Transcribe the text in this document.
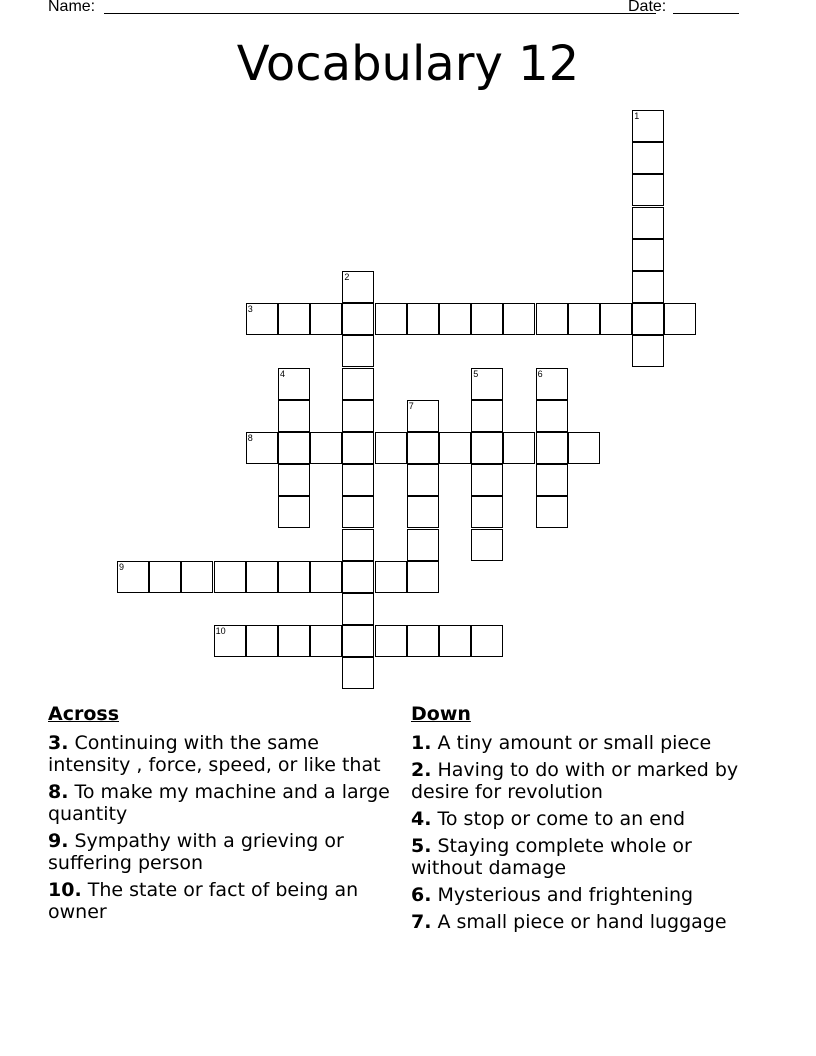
Name:	Date:
Vocabulary 12
1
2
3
4	5	6
7
8
9
10
Across
3. Continuing with the same intensity , force, speed, or like that
8. To make my machine and a large quantity
9. Sympathy with a grieving or suffering person
10. The state or fact of being an owner
Down
1. A tiny amount or small piece
2. Having to do with or marked by desire for revolution
4. To stop or come to an end
5. Staying complete whole or without damage
6. Mysterious and frightening
7. A small piece or hand luggage
